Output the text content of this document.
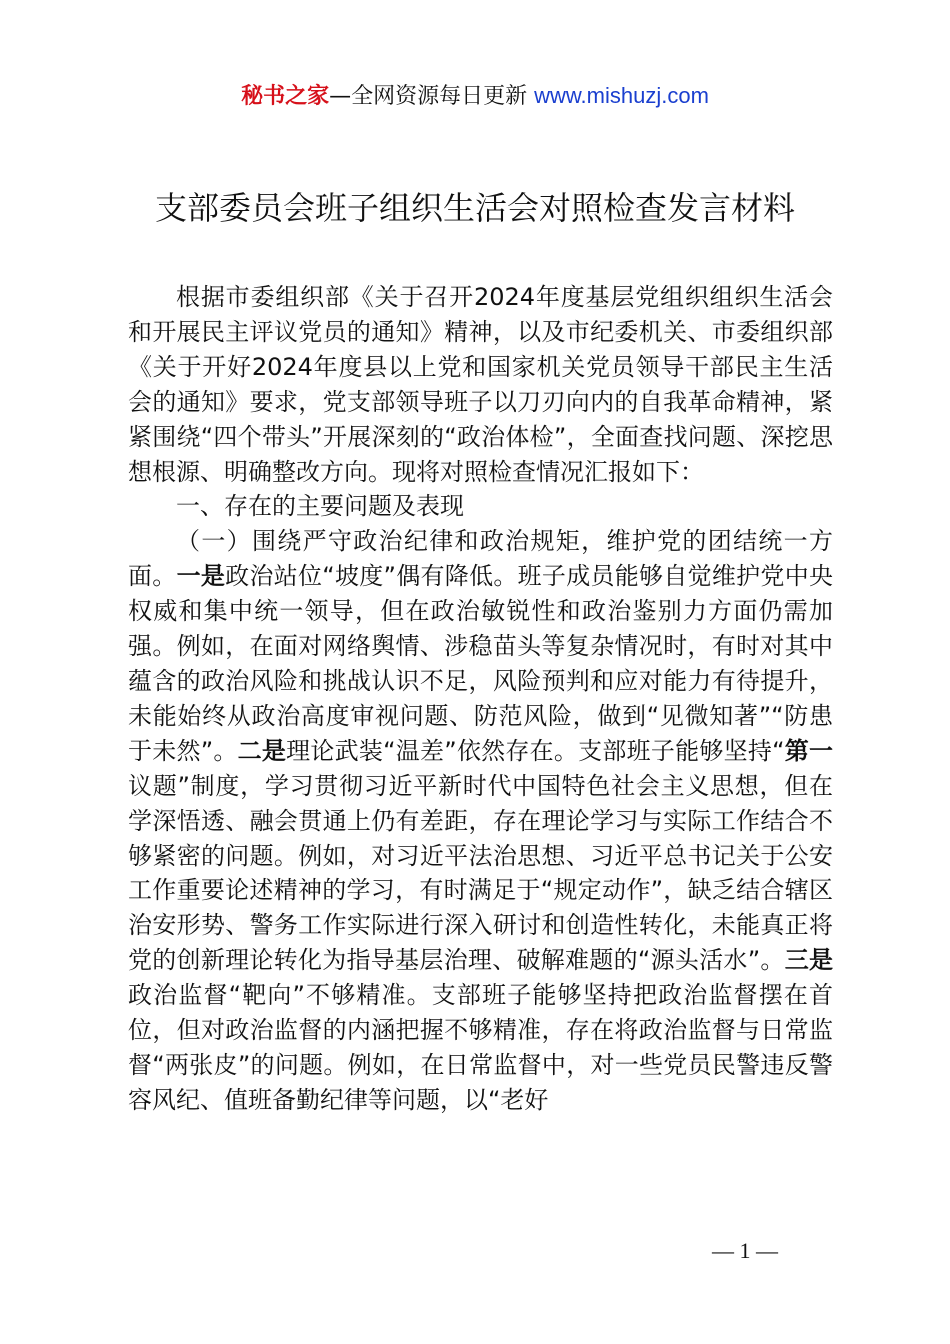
秘书之家—全网资源每日更新 www.mishuzj.com
支部委员会班子组织生活会对照检查发言材料

根据市委组织部《关于召开2024年度基层党组织组织生活会和开展民主评议党员的通知》精神，以及市纪委机关、市委组织部《关于开好2024年度县以上党和国家机关党员领导干部民主生活会的通知》要求，党支部领导班子以刀刃向内的自我革命精神，紧紧围绕“四个带头”开展深刻的“政治体检”，全面查找问题、深挖思想根源、明确整改方向。现将对照检查情况汇报如下：

一、存在的主要问题及表现

（一）围绕严守政治纪律和政治规矩，维护党的团结统一方面。一是政治站位“坡度”偶有降低。班子成员能够自觉维护党中央权威和集中统一领导，但在政治敏锐性和政治鉴别力方面仍需加强。例如，在面对网络舆情、涉稳苗头等复杂情况时，有时对其中蕴含的政治风险和挑战认识不足，风险预判和应对能力有待提升，未能始终从政治高度审视问题、防范风险，做到“见微知著”“防患于未然”。二是理论武装“温差”依然存在。支部班子能够坚持“第一议题”制度，学习贯彻习近平新时代中国特色社会主义思想，但在学深悟透、融会贯通上仍有差距，存在理论学习与实际工作结合不够紧密的问题。例如，对习近平法治思想、习近平总书记关于公安工作重要论述精神的学习，有时满足于“规定动作”，缺乏结合辖区治安形势、警务工作实际进行深入研讨和创造性转化，未能真正将党的创新理论转化为指导基层治理、破解难题的“源头活水”。三是政治监督“靶向”不够精准。支部班子能够坚持把政治监督摆在首位，但对政治监督的内涵把握不够精准，存在将政治监督与日常监督“两张皮”的问题。例如，在日常监督中，对一些党员民警违反警容风纪、值班备勤纪律等问题，以“老好

— 1 —
